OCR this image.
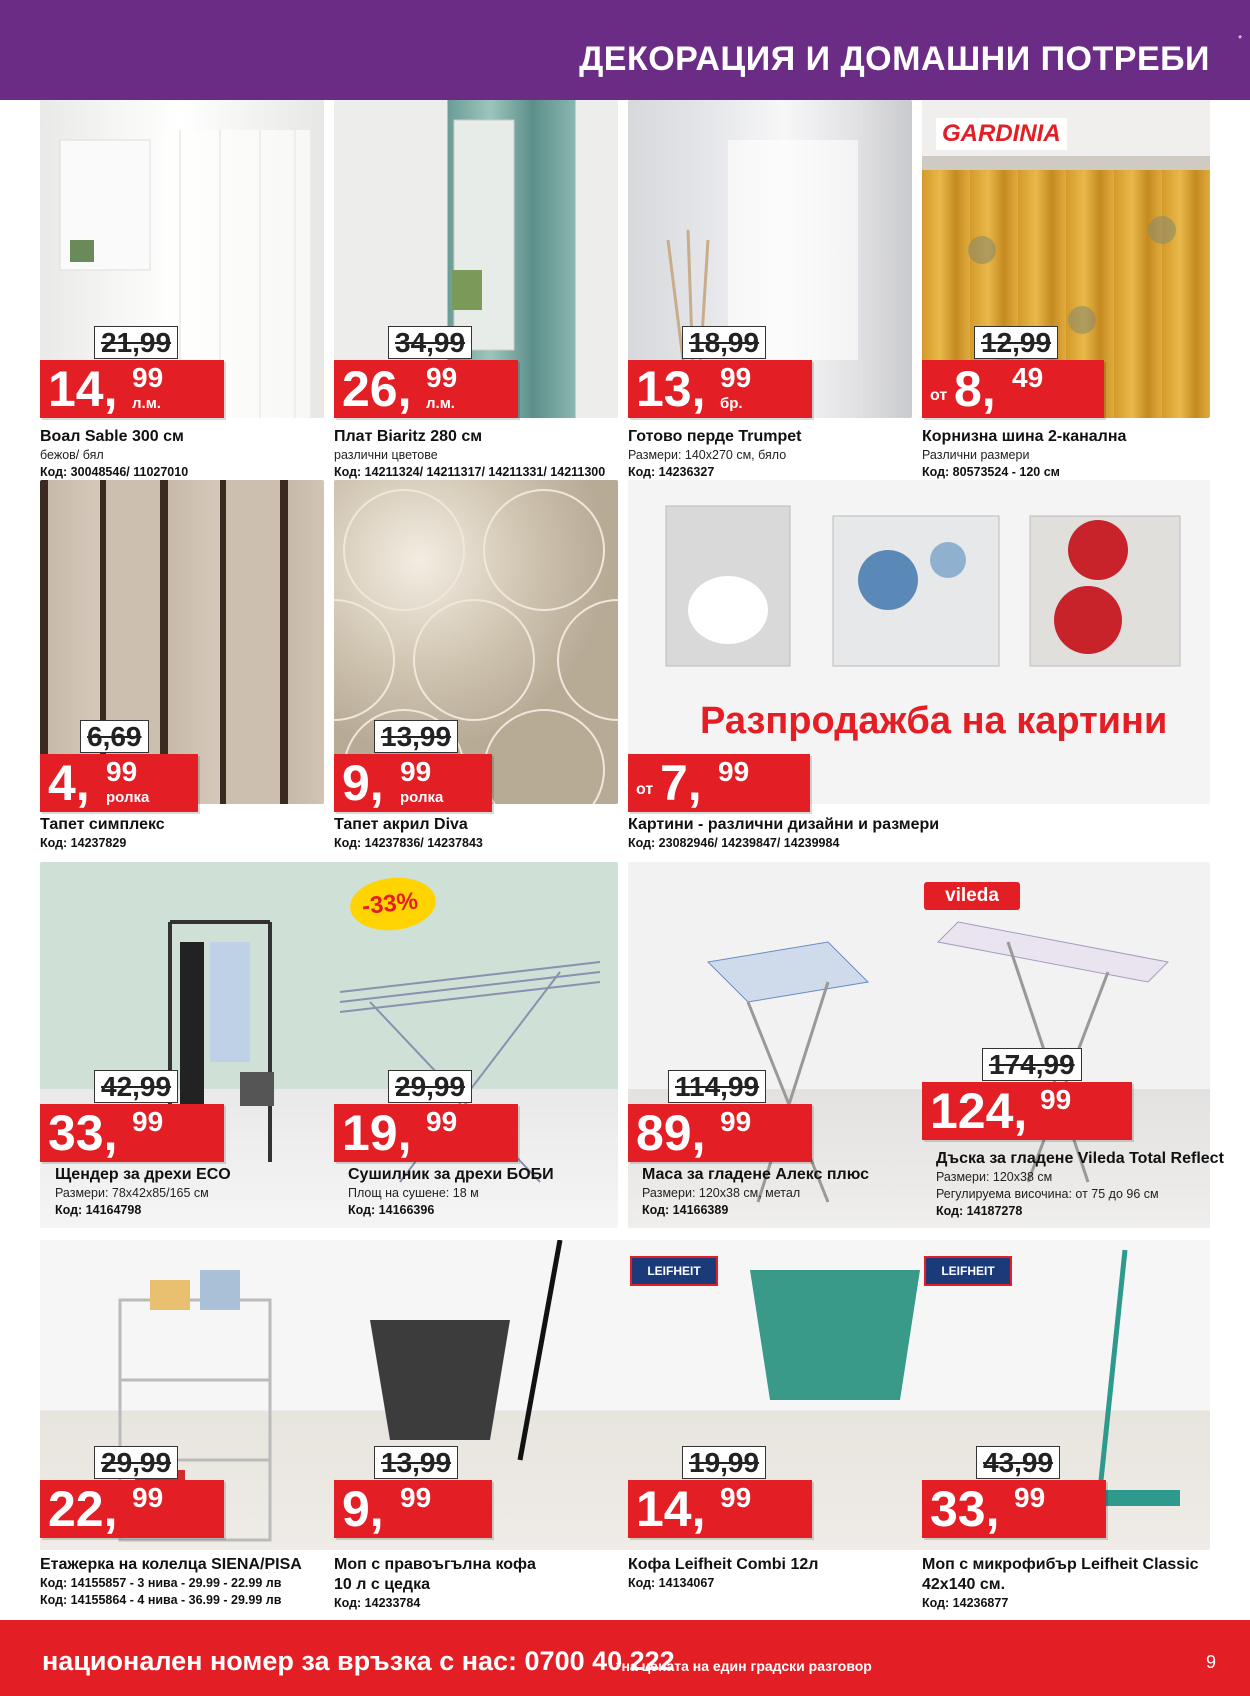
ДЕКОРАЦИЯ И ДОМАШНИ ПОТРЕБИ
*
GARDINIA
Разпродажба на картини
-33%	vileda
LEIFHEIT	LEIFHEIT
21,99
14, 99
л.м.
Воал Sable 300 см
бежов/ бял
Код: 30048546/ 11027010
34,99
26, 99
л.м.
Плат Biaritz 280 см
различни цветове
Код: 14211324/ 14211317/ 14211331/ 14211300
18,99
13, 99
бр.
Готово перде Trumpet
Размери: 140х270 см, бяло
Код: 14236327
12,99
от 8, 49
Корнизна шина 2-канална
Различни размери
Код: 80573524 - 120 см
6,69
4, 99
ролка
Тапет симплекс
Код: 14237829
13,99
9, 99
ролка
Тапет акрил Diva
Код: 14237836/ 14237843
от 7, 99
Картини - различни дизайни и размери
Код: 23082946/ 14239847/ 14239984
42,99
33, 99
Щендер за дрехи ECO
Размери: 78х42х85/165 см
Код: 14164798
29,99
19, 99
Сушилник за дрехи БОБИ
Площ на сушене: 18 м
Код: 14166396
114,99
89, 99
Маса за гладене Алекс плюс
Размери: 120х38 см, метал
Код: 14166389
174,99
124, 99
Дъска за гладене Vileda Total Reflect
Размери: 120х38 см
Регулируема височина: от 75 до 96 см
Код: 14187278
29,99
22, 99
Етажерка на колелца SIENA/PISA
Код: 14155857 - 3 нива - 29.99 - 22.99 лв
Код: 14155864 - 4 нива - 36.99 - 29.99 лв
13,99
9, 99
Моп с правоъгълна кофа
10 л с цедка
Код: 14233784
19,99
14, 99
Кофа Leifheit Combi 12л
Код: 14134067
43,99
33, 99
Моп с микрофибър Leifheit Classic
42х140 см.
Код: 14236877
национален номер за връзка с нас: 0700 40 222
*на цената на един градски разговор	9
